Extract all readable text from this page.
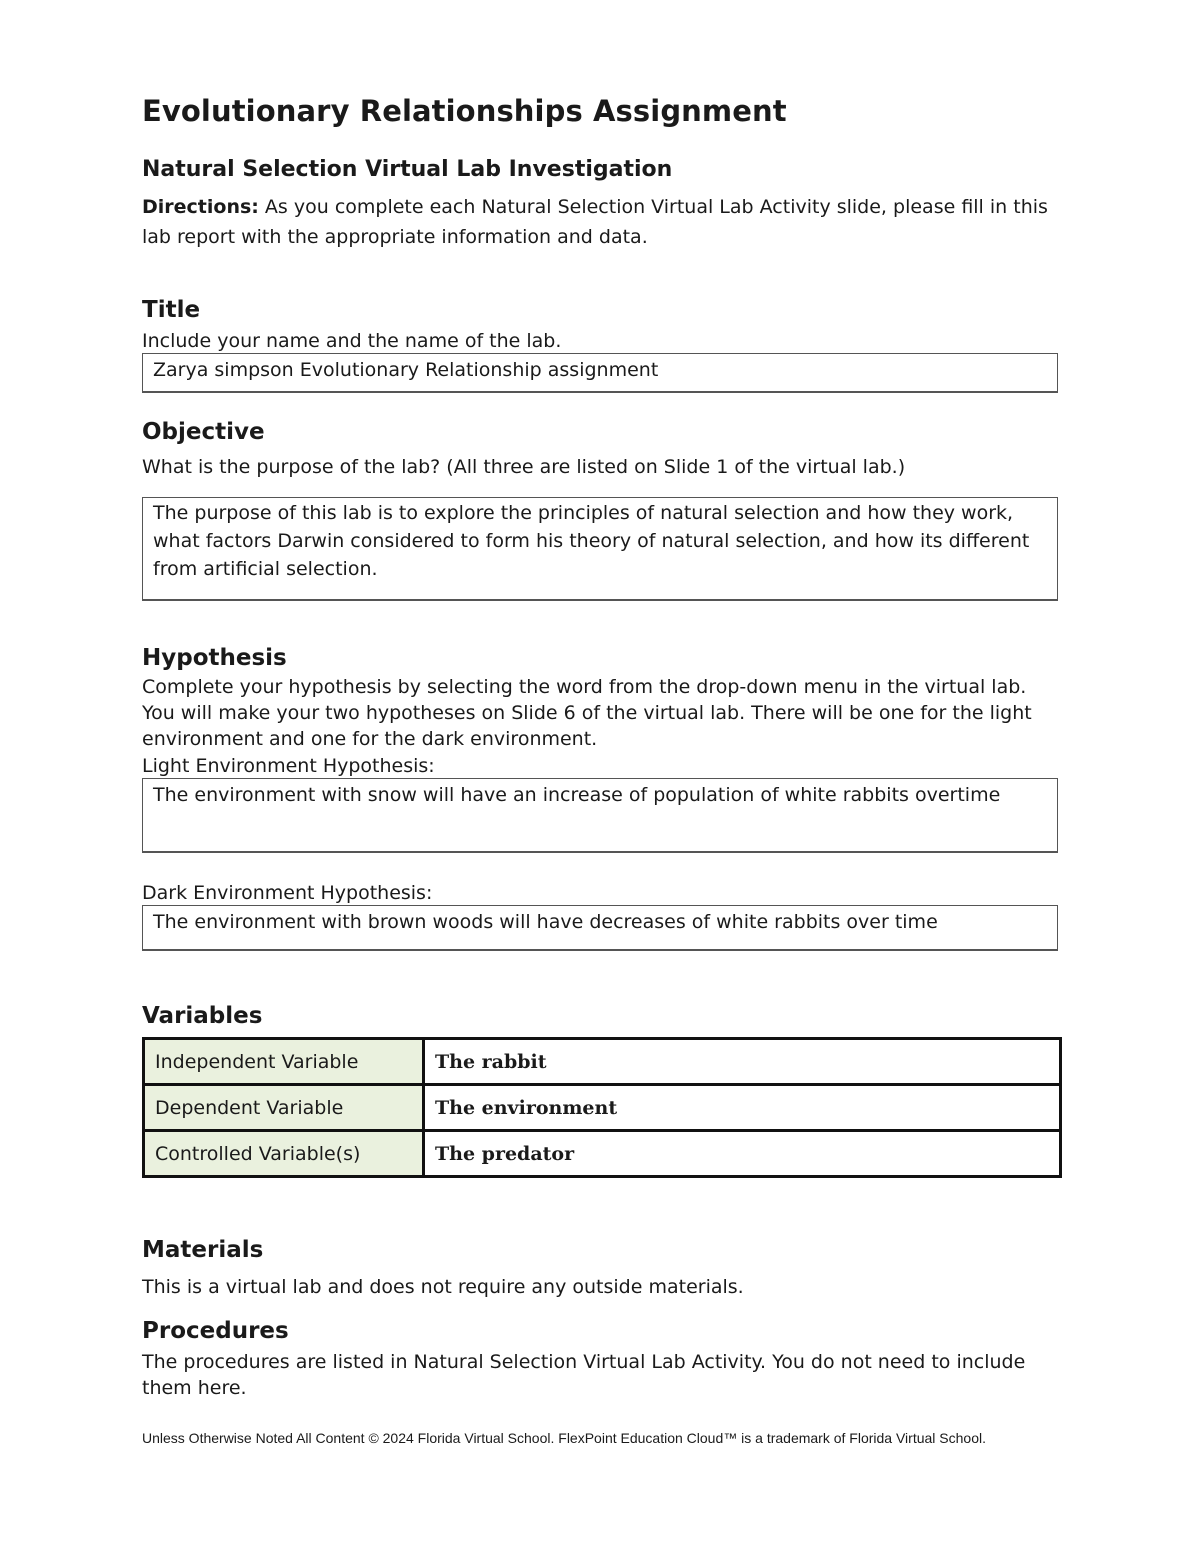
Evolutionary Relationships Assignment
Natural Selection Virtual Lab Investigation

Directions: As you complete each Natural Selection Virtual Lab Activity slide, please fill in this lab report with the appropriate information and data.

Title

Include your name and the name of the lab.

Zarya simpson Evolutionary Relationship assignment
Objective

What is the purpose of the lab? (All three are listed on Slide 1 of the virtual lab.)

The purpose of this lab is to explore the principles of natural selection and how they work, what factors Darwin considered to form his theory of natural selection, and how its different from artificial selection.
Hypothesis

Complete your hypothesis by selecting the word from the drop-down menu in the virtual lab. You will make your two hypotheses on Slide 6 of the virtual lab. There will be one for the light environment and one for the dark environment.

Light Environment Hypothesis:

The environment with snow will have an increase of population of white rabbits overtime

Dark Environment Hypothesis:

The environment with brown woods will have decreases of white rabbits over time
Variables
Independent Variable	The rabbit
Dependent Variable	The environment
Controlled Variable(s)	The predator
Materials

This is a virtual lab and does not require any outside materials.

Procedures

The procedures are listed in Natural Selection Virtual Lab Activity. You do not need to include them here.

Unless Otherwise Noted All Content © 2024 Florida Virtual School. FlexPoint Education Cloud™ is a trademark of Florida Virtual School.
